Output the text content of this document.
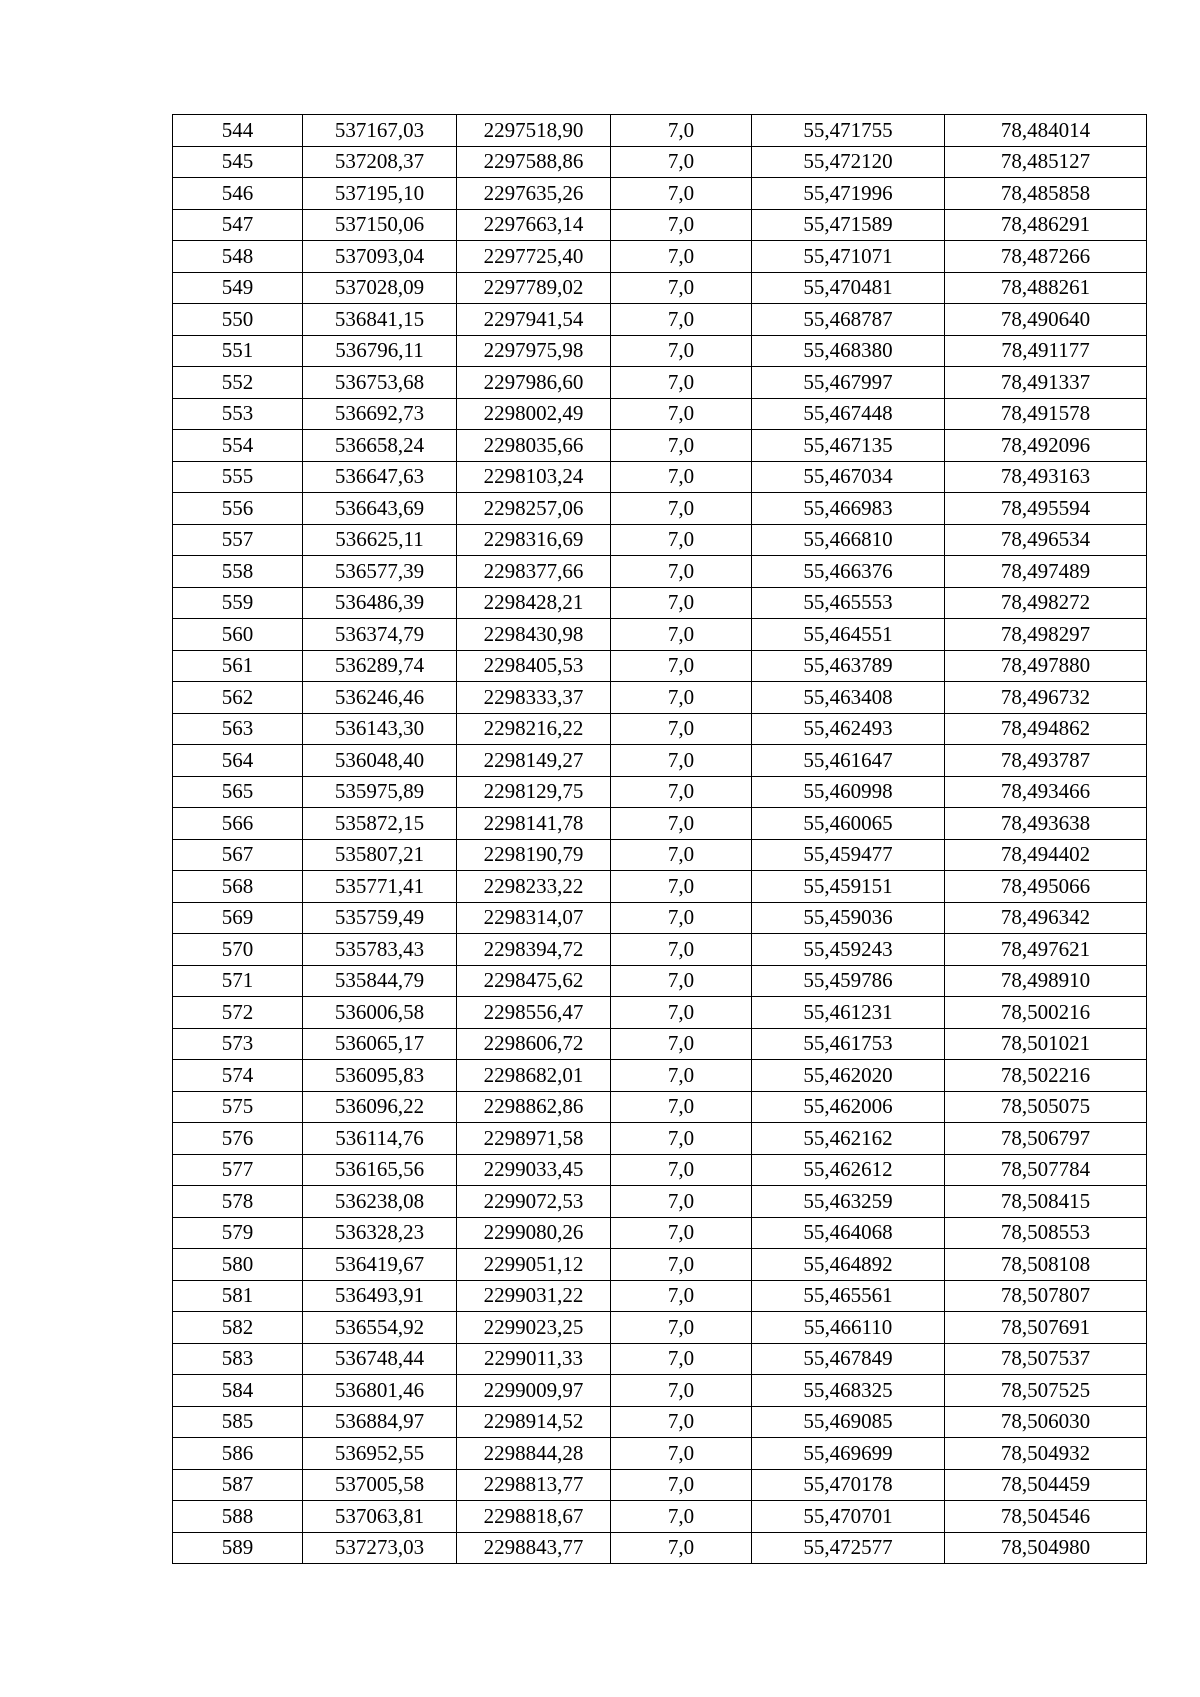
544	537167,03	2297518,90	7,0	55,471755	78,484014
545	537208,37	2297588,86	7,0	55,472120	78,485127
546	537195,10	2297635,26	7,0	55,471996	78,485858
547	537150,06	2297663,14	7,0	55,471589	78,486291
548	537093,04	2297725,40	7,0	55,471071	78,487266
549	537028,09	2297789,02	7,0	55,470481	78,488261
550	536841,15	2297941,54	7,0	55,468787	78,490640
551	536796,11	2297975,98	7,0	55,468380	78,491177
552	536753,68	2297986,60	7,0	55,467997	78,491337
553	536692,73	2298002,49	7,0	55,467448	78,491578
554	536658,24	2298035,66	7,0	55,467135	78,492096
555	536647,63	2298103,24	7,0	55,467034	78,493163
556	536643,69	2298257,06	7,0	55,466983	78,495594
557	536625,11	2298316,69	7,0	55,466810	78,496534
558	536577,39	2298377,66	7,0	55,466376	78,497489
559	536486,39	2298428,21	7,0	55,465553	78,498272
560	536374,79	2298430,98	7,0	55,464551	78,498297
561	536289,74	2298405,53	7,0	55,463789	78,497880
562	536246,46	2298333,37	7,0	55,463408	78,496732
563	536143,30	2298216,22	7,0	55,462493	78,494862
564	536048,40	2298149,27	7,0	55,461647	78,493787
565	535975,89	2298129,75	7,0	55,460998	78,493466
566	535872,15	2298141,78	7,0	55,460065	78,493638
567	535807,21	2298190,79	7,0	55,459477	78,494402
568	535771,41	2298233,22	7,0	55,459151	78,495066
569	535759,49	2298314,07	7,0	55,459036	78,496342
570	535783,43	2298394,72	7,0	55,459243	78,497621
571	535844,79	2298475,62	7,0	55,459786	78,498910
572	536006,58	2298556,47	7,0	55,461231	78,500216
573	536065,17	2298606,72	7,0	55,461753	78,501021
574	536095,83	2298682,01	7,0	55,462020	78,502216
575	536096,22	2298862,86	7,0	55,462006	78,505075
576	536114,76	2298971,58	7,0	55,462162	78,506797
577	536165,56	2299033,45	7,0	55,462612	78,507784
578	536238,08	2299072,53	7,0	55,463259	78,508415
579	536328,23	2299080,26	7,0	55,464068	78,508553
580	536419,67	2299051,12	7,0	55,464892	78,508108
581	536493,91	2299031,22	7,0	55,465561	78,507807
582	536554,92	2299023,25	7,0	55,466110	78,507691
583	536748,44	2299011,33	7,0	55,467849	78,507537
584	536801,46	2299009,97	7,0	55,468325	78,507525
585	536884,97	2298914,52	7,0	55,469085	78,506030
586	536952,55	2298844,28	7,0	55,469699	78,504932
587	537005,58	2298813,77	7,0	55,470178	78,504459
588	537063,81	2298818,67	7,0	55,470701	78,504546
589	537273,03	2298843,77	7,0	55,472577	78,504980
